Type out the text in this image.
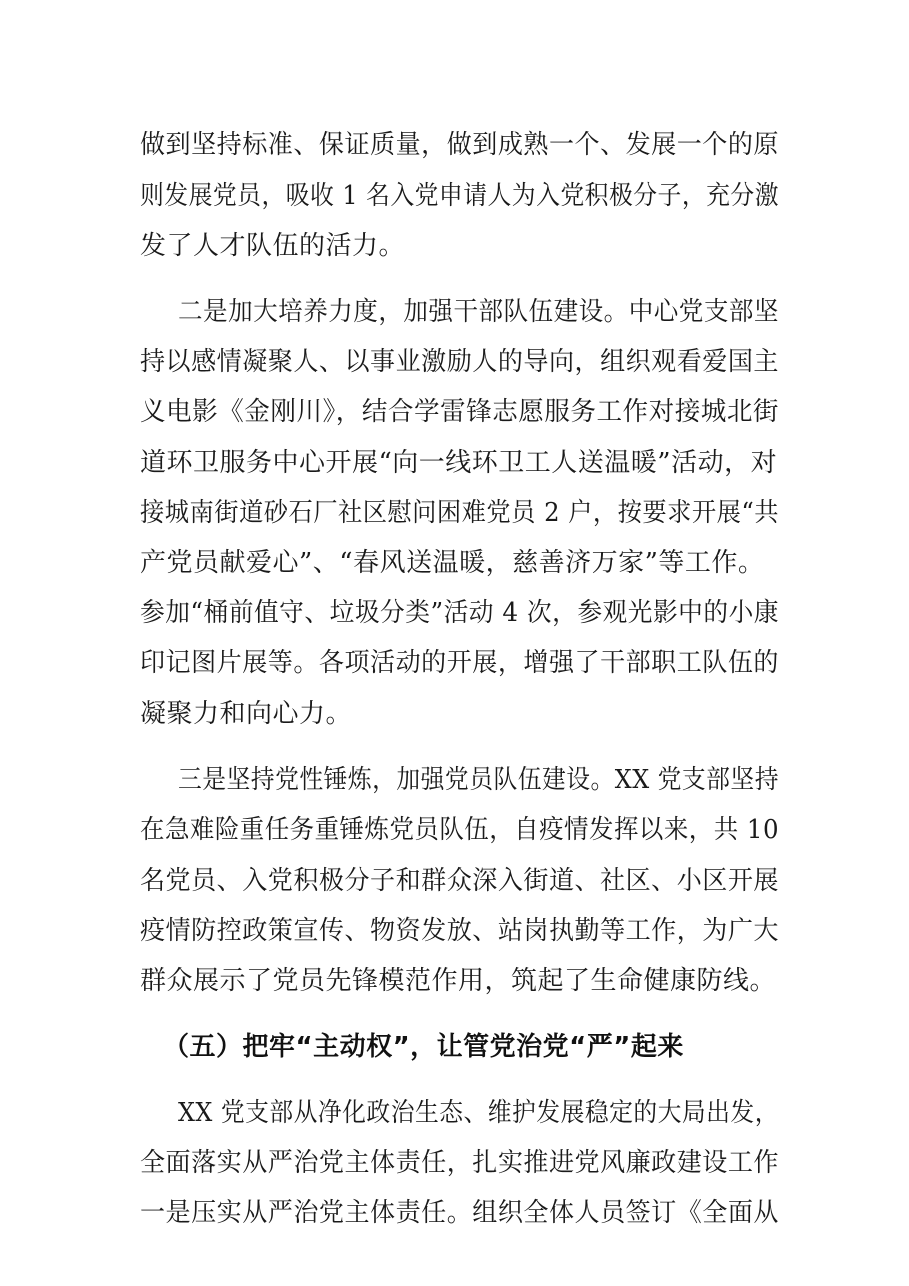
做到坚持标准、保证质量，做到成熟一个、发展一个的原
则发展党员，吸收 1 名入党申请人为入党积极分子，充分激
发了人才队伍的活力。
二是加大培养力度，加强干部队伍建设。中心党支部坚
持以感情凝聚人、以事业激励人的导向，组织观看爱国主
义电影《金刚川》，结合学雷锋志愿服务工作对接城北街
道环卫服务中心开展“向一线环卫工人送温暖”活动，对
接城南街道砂石厂社区慰问困难党员 2 户，按要求开展“共
产党员献爱心”、“春风送温暖，慈善济万家”等工作。
参加“桶前值守、垃圾分类”活动 4 次，参观光影中的小康
印记图片展等。各项活动的开展，增强了干部职工队伍的
凝聚力和向心力。
三是坚持党性锤炼，加强党员队伍建设。XX 党支部坚持
在急难险重任务重锤炼党员队伍，自疫情发挥以来，共 10
名党员、入党积极分子和群众深入街道、社区、小区开展
疫情防控政策宣传、物资发放、站岗执勤等工作，为广大
群众展示了党员先锋模范作用，筑起了生命健康防线。
（五）把牢“主动权”，让管党治党“严”起来
XX 党支部从净化政治生态、维护发展稳定的大局出发，
全面落实从严治党主体责任，扎实推进党风廉政建设工作
一是压实从严治党主体责任。组织全体人员签订《全面从
